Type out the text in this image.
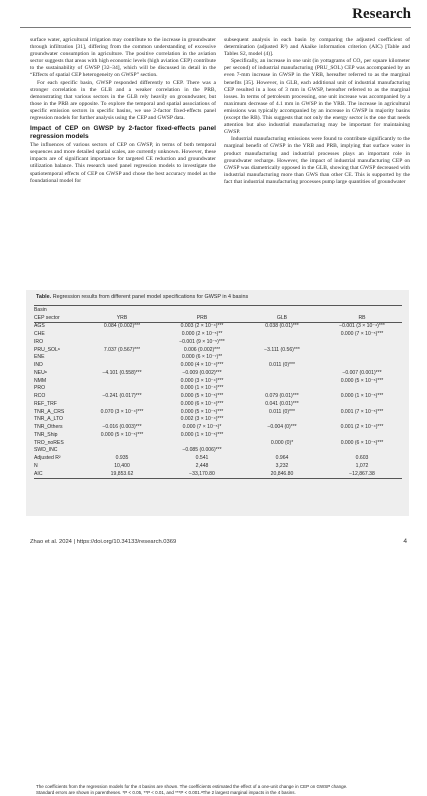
Research

surface water, agricultural irrigation may contribute to the increase in groundwater through infiltration [31], differing from the common understanding of excessive groundwater consumption in agriculture. The positive correlation in the aviation sector suggests that areas with high economic levels (high aviation CEP) contribute to the sustainability of GWSP [32–34], which will be discussed in detail in the “Effects of spatial CEP heterogeneity on GWSP” section.

For each specific basin, GWSP responded differently to CEP. There was a stronger correlation in the GLB and a weaker correlation in the PRB, demonstrating that various sectors in the GLB rely heavily on groundwater, but those in the PRB are opposite. To explore the temporal and spatial associations of specific emission sectors in specific basins, we use 2-factor fixed-effects panel regression models for further analysis using the CEP and GWSP data.

Impact of CEP on GWSP by 2-factor fixed-effects panel regression models

The influences of various sectors of CEP on GWSP, in terms of both temporal sequences and more detailed spatial scales, are currently unknown. However, these impacts are of significant importance for targeted CE reduction and groundwater utilization balance. This research used panel regression models to investigate the spatiotemporal effects of CEP on GWSP and chose the best accuracy model as the foundational model for

subsequent analysis in each basin by comparing the adjusted coefficient of determination (adjusted R²) and Akaike information criterion (AIC) [Table and Tables S2, model (4)].

Specifically, an increase in one unit (in yottagrams of CO₂ per square kilometer per second) of industrial manufacturing (PRU_SOL) CEP was accompanied by an even 7-mm increase in GWSP in the YRB, hereafter referred to as the marginal benefits [35]. However, in GLB, each additional unit of industrial manufacturing CEP resulted in a loss of 3 mm in GWSP, hereafter referred to as the marginal losses. In terms of petroleum processing, one unit increase was accompanied by a maximum decrease of 4.1 mm in GWSP in the YRB. The increase in agricultural emissions was typically accompanied by an increase in GWSP in majority basins (except the RB). This suggests that not only the energy sector is the one that needs attention but also industrial manufacturing may be important for maintaining GWSP.

Industrial manufacturing emissions were found to contribute significantly to the marginal benefit of GWSP in the YRB and PRB, implying that surface water in product manufacturing and industrial processes plays an important role in groundwater recharge. However, the impact of industrial manufacturing CEP on GWSP was diametrically opposed in the GLB, showing that GWSP decreased with industrial manufacturing more than GWS than other CE. This is supported by the fact that industrial manufacturing processes pump large quantities of groundwater

Table. Regression results from different panel model specifications for GWSP in 4 basins
Basin				
CEP sector	YRB	PRB	GLB	RB
AGS	0.084 (0.002)***	0.003 (2 × 10⁻⁴)***	0.038 (0.01)***	−0.001 (3 × 10⁻⁴)***
CHE		0.000 (2 × 10⁻⁵)**		0.000 (7 × 10⁻⁵)***
IRO		−0.001 (9 × 10⁻⁵)***		
PRU_SOLᵃ	7.037 (0.567)***	0.006 (0.002)***	−3.111 (0.56)***	
ENE		0.000 (6 × 10⁻⁷)**		
IND		0.000 (4 × 10⁻⁴)***	0.011 (0)***	
NEUᵃ	−4.101 (0.558)***	−0.009 (0.002)***		−0.007 (0.001)***
NMM		0.000 (3 × 10⁻⁴)***		0.000 (5 × 10⁻⁵)***
PRO		0.000 (1 × 10⁻⁴)***		
RCO	−0.241 (0.017)***	0.000 (5 × 10⁻⁵)***	0.079 (0.01)***	0.000 (1 × 10⁻⁵)***
REF_TRF		0.000 (6 × 10⁻⁴)***	0.041 (0.01)***	
TNR_A_CRS	0.070 (3 × 10⁻⁴)***	0.000 (5 × 10⁻⁵)***	0.011 (0)***	0.001 (7 × 10⁻⁵)***
TNR_A_LTO		0.002 (3 × 10⁻⁴)***		
TNR_Others	−0.016 (0.003)***	0.000 (7 × 10⁻⁵)*	−0.004 (0)***	0.001 (2 × 10⁻⁴)***
TNR_Ship	0.000 (5 × 10⁻⁵)***	0.000 (1 × 10⁻⁵)***		
TRO_noRES			0.000 (0)*	0.000 (6 × 10⁻⁵)***
SWD_INC		−0.085 (0.006)***		
Adjusted R²	0.935	0.541	0.964	0.603
N	10,400	2,448	3,232	1,072
AIC	19,853.62	−33,170.80	20,846.80	−12,867.38

The coefficients from the regression models for the 4 basins are shown. The coefficients estimated the effect of a one-unit change in CEP on GWSP change.

Standard errors are shown in parentheses. *P < 0.05, **P < 0.01, and ***P < 0.001.ᵃThe 2 largest marginal impacts in the 4 basins.

Zhao et al. 2024 | https://doi.org/10.34133/research.0369	4
